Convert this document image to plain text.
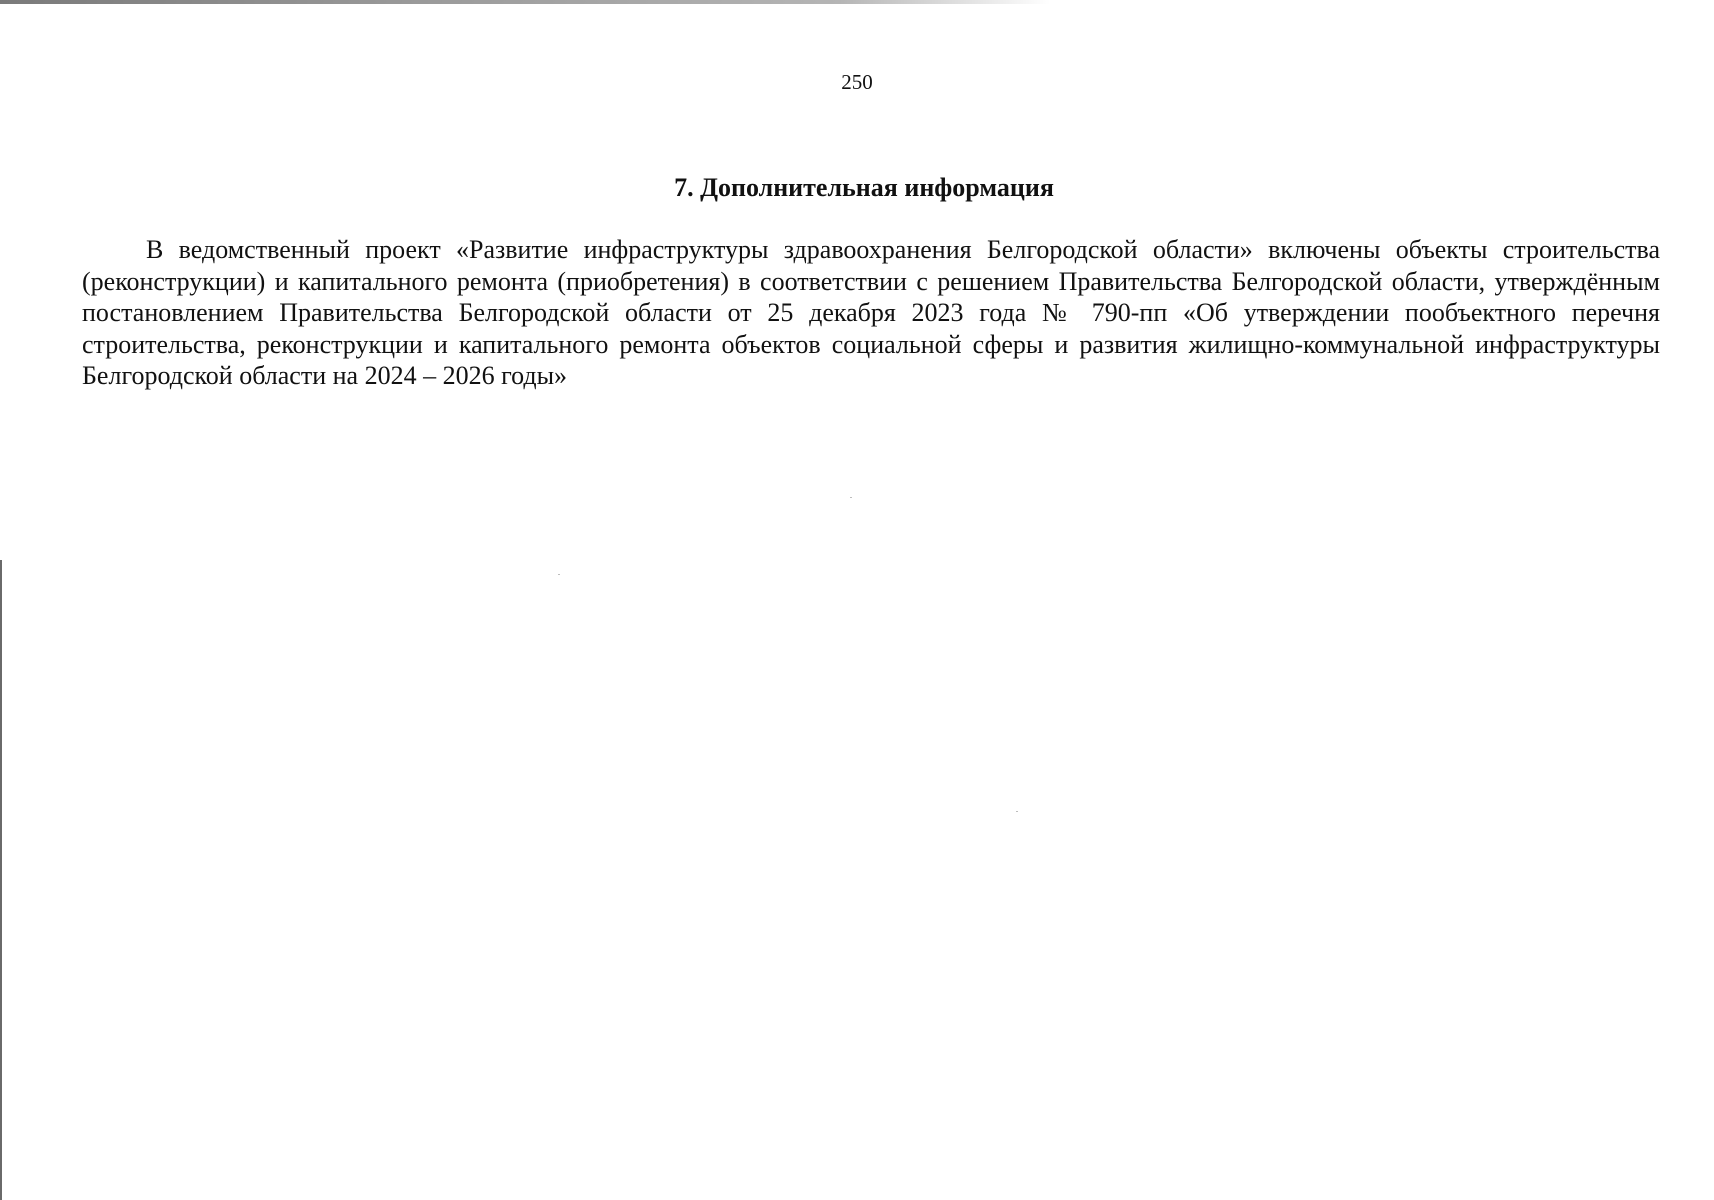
250
7. Дополнительная информация

В ведомственный проект «Развитие инфраструктуры здравоохранения Белгородской области» включены объекты строительства (реконструкции) и капитального ремонта (приобретения) в соответствии с решением Правительства Белгородской области, утверждённым постановлением Правительства Белгородской области от 25 декабря 2023 года № 790-пп «Об утверждении пообъектного перечня строительства, реконструкции и капитального ремонта объектов социальной сферы и развития жилищно-коммунальной инфраструктуры Белгородской области на 2024 – 2026 годы»
